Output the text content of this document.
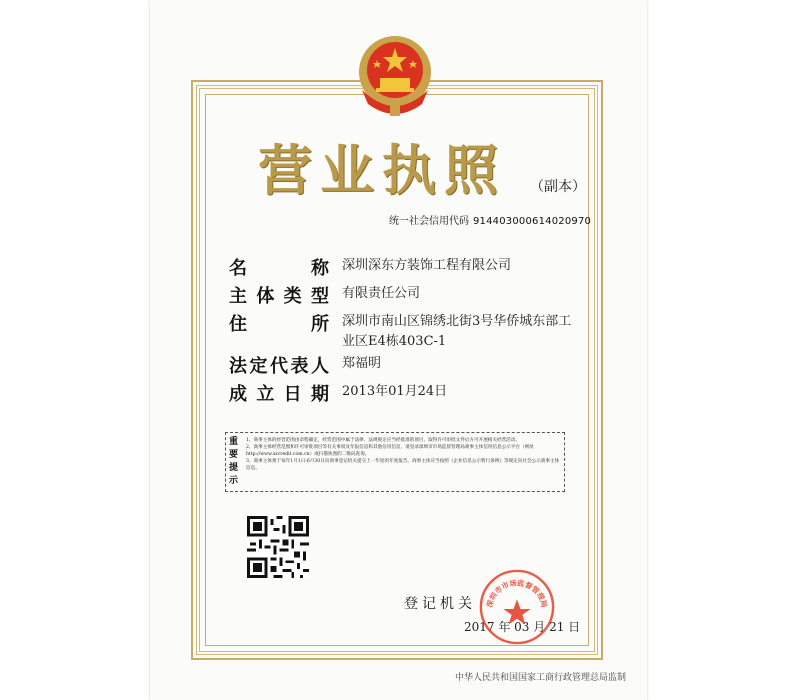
营业执照	（副本）
统一社会信用代码 914403000614020970
名	称 深圳深东方装饰工程有限公司
主 体 类 型 有限责任公司
住	所 深圳市南山区锦绣北街3号华侨城东部工业区E4栋403C-1
法 定 代 表 人 郑福明
成 立 日 期 2013年01月24日
重
要
提
示
1、商事主体的经营范围由章程确定，经营范围中属于法律、法规规定应当经批准的项目，取得许可审批文件后方可开展相关经营活动。
2、商事主体经营范围和许可审批项目等有关事项及年报信息和其他信用信息，请登录深圳市市场监督管理局商事主体信用信息公示平台（网址 http://www.szcredit.com.cn）或扫描执照的二维码查询。
3、商事主体须于每年1月1日-6月30日向商事登记机关提交上一年度的年度报告。商事主体应当按照《企业信息公示暂行条例》等规定向社会公示商事主体信息。
登记机关
2017 年 03 月 21 日
深圳市市场监督管理局
中华人民共和国国家工商行政管理总局监制
